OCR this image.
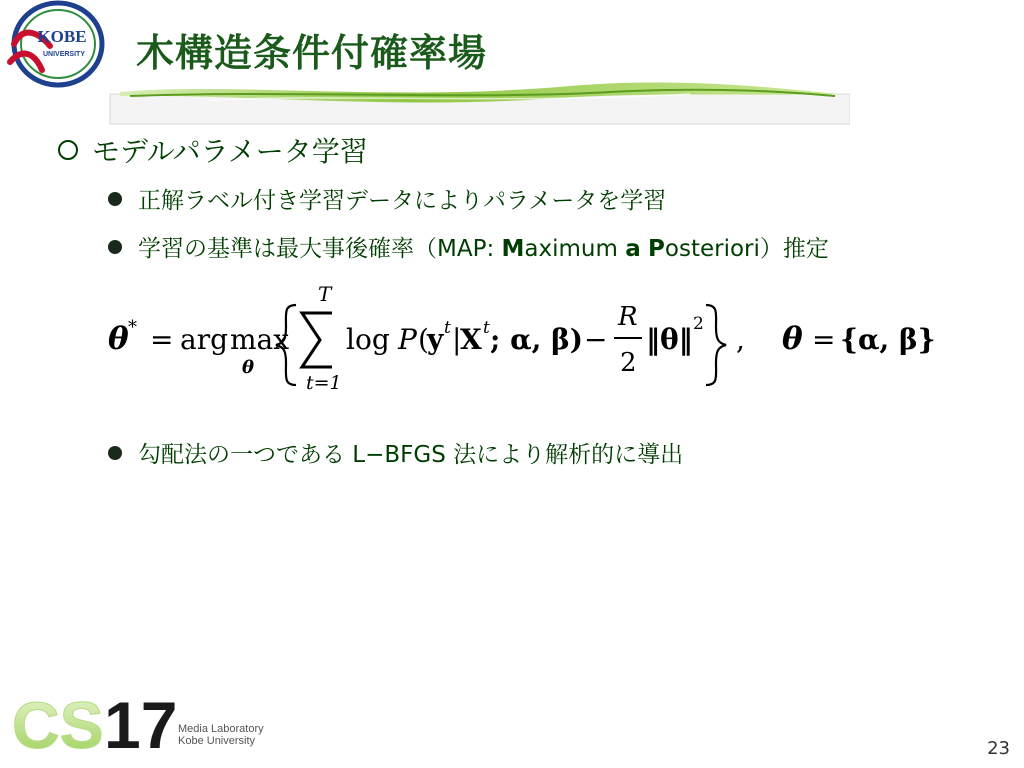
KOBE
UNIVERSITY 木構造条件付確率場
モデルパラメータ学習
正解ラベル付き学習データによりパラメータを学習
学習の基準は最大事後確率（MAP: Maximum a Posteriori）推定
θ * = arg max
θ
T
t=1
log P (
y t |
X t ; α, β) −
R
2
‖θ‖ 2 , θ = {α, β}
勾配法の一つである L−BFGS 法により解析的に導出
CS 17 Media Laboratory
Kobe University	23
